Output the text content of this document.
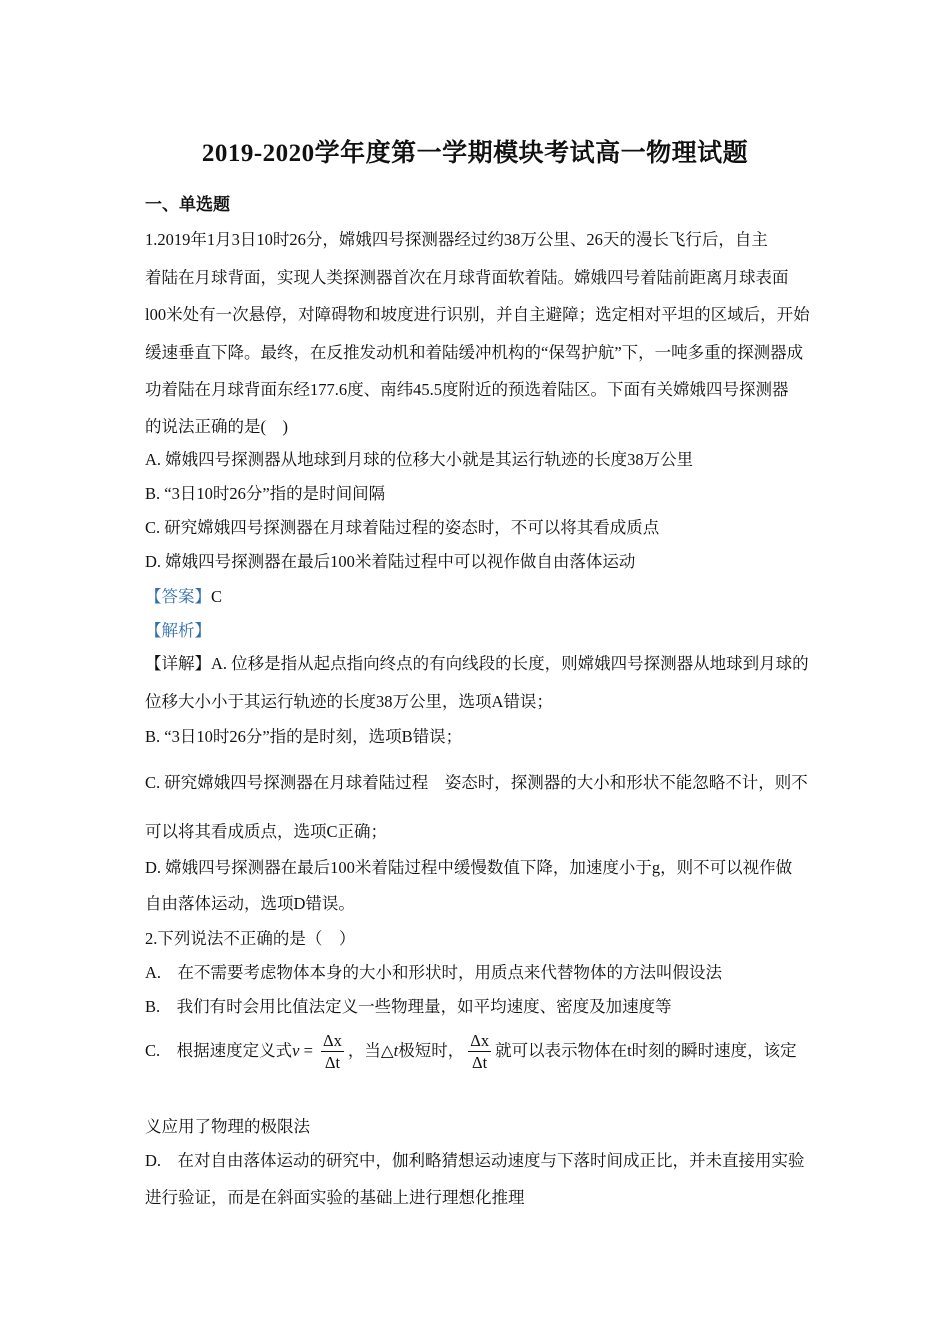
2019-2020学年度第一学期模块考试高一物理试题
一、单选题
1.2019年1月3日10时26分，嫦娥四号探测器经过约38万公里、26天的漫长飞行后，自主
着陆在月球背面，实现人类探测器首次在月球背面软着陆。嫦娥四号着陆前距离月球表面
l00米处有一次悬停，对障碍物和坡度进行识别，并自主避障；选定相对平坦的区域后，开始
缓速垂直下降。最终，在反推发动机和着陆缓冲机构的“保驾护航”下，一吨多重的探测器成
功着陆在月球背面东经177.6度、南纬45.5度附近的预选着陆区。下面有关嫦娥四号探测器
的说法正确的是(　)
A. 嫦娥四号探测器从地球到月球的位移大小就是其运行轨迹的长度38万公里
B. “3日10时26分”指的是时间间隔
C. 研究嫦娥四号探测器在月球着陆过程的姿态时，不可以将其看成质点
D. 嫦娥四号探测器在最后100米着陆过程中可以视作做自由落体运动
【答案】C
【解析】
【详解】A. 位移是指从起点指向终点的有向线段的长度，则嫦娥四号探测器从地球到月球的
位移大小小于其运行轨迹的长度38万公里，选项A错误；
B. “3日10时26分”指的是时刻，选项B错误；
C. 研究嫦娥四号探测器在月球着陆过程　姿态时，探测器的大小和形状不能忽略不计，则不
可以将其看成质点，选项C正确；
D. 嫦娥四号探测器在最后100米着陆过程中缓慢数值下降，加速度小于g，则不可以视作做
自由落体运动，选项D错误。
2.下列说法不正确的是（　）
A.　在不需要考虑物体本身的大小和形状时，用质点来代替物体的方法叫假设法
B.　我们有时会用比值法定义一些物理量，如平均速度、密度及加速度等
C.　根据速度定义式$v = \frac{\Delta x}{\Delta t}$ ，当△t极短时， $\frac{\Delta x}{\Delta t}$ 就可以表示物体在t时刻的瞬时速度，该定
义应用了物理的极限法
D.　在对自由落体运动的研究中，伽利略猜想运动速度与下落时间成正比，并未直接用实验
进行验证，而是在斜面实验的基础上进行理想化推理
